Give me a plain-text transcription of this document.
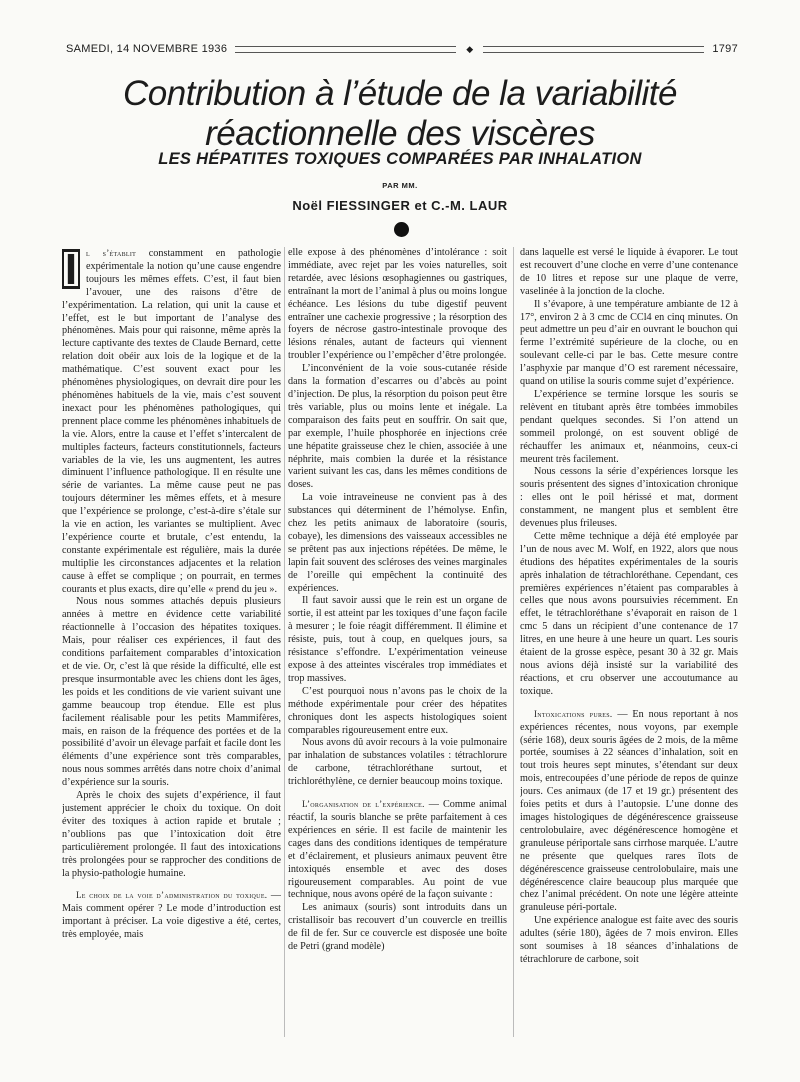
SAMEDI, 14 NOVEMBRE 1936	◆	1797
Contribution à l’étude de la variabilité réactionnelle des viscères
LES HÉPATITES TOXIQUES COMPARÉES PAR INHALATION
PAR MM.
Noël FIESSINGER et C.-M. LAUR

I l s’établit constamment en pathologie expérimentale la notion qu’une cause engendre toujours les mêmes effets. C’est, il faut bien l’avouer, une des raisons d’être de l’expérimentation. La relation, qui unit la cause et l’effet, est le but important de l’analyse des phénomènes. Mais pour qui raisonne, même après la lecture captivante des textes de Claude Bernard, cette relation doit obéir aux lois de la logique et de la mathématique. C’est souvent exact pour les phénomènes physiologiques, on devrait dire pour les phénomènes habituels de la vie, mais c’est souvent inexact pour les phénomènes pathologiques, qui prennent place comme les phénomènes inhabituels de la vie. Alors, entre la cause et l’effet s’intercalent de multiples facteurs, facteurs constitutionnels, facteurs variables de la vie, les uns augmentent, les autres diminuent l’influence pathologique. Il en résulte une série de variantes. La même cause peut ne pas toujours déterminer les mêmes effets, et à mesure que l’expérience se prolonge, c’est-à-dire s’étale sur la vie en action, les variantes se multiplient. Avec l’expérience courte et brutale, c’est entendu, la constante expérimentale est régulière, mais la durée multiplie les circonstances adjacentes et la relation cause à effet se complique ; on pourrait, en termes courants et plus exacts, dire qu’elle « prend du jeu ».

Nous nous sommes attachés depuis plusieurs années à mettre en évidence cette variabilité réactionnelle à l’occasion des hépatites toxiques. Mais, pour réaliser ces expériences, il faut des conditions parfaitement comparables d’intoxication et de vie. Or, c’est là que réside la difficulté, elle est presque insurmontable avec les chiens dont les âges, les poids et les conditions de vie varient suivant une gamme beaucoup trop étendue. Elle est plus facilement réalisable pour les petits Mammifères, mais, en raison de la fréquence des portées et de la possibilité d’avoir un élevage parfait et facile dont les éléments d’une expérience sont très comparables, nous nous sommes arrêtés dans notre choix d’animal d’expérience sur la souris.

Après le choix des sujets d’expérience, il faut justement apprécier le choix du toxique. On doit éviter des toxiques à action rapide et brutale ; n’oublions pas que l’intoxication doit être particulièrement prolongée. Il faut des intoxications très prolongées pour se rapprocher des conditions de la physio-pathologie humaine.

Le choix de la voie d’administration du toxique. — Mais comment opérer ? Le mode d’introduction est important à préciser. La voie digestive a été, certes, très employée, mais

elle expose à des phénomènes d’intolérance : soit immédiate, avec rejet par les voies naturelles, soit retardée, avec lésions œsophagiennes ou gastriques, entraînant la mort de l’animal à plus ou moins longue échéance. Les lésions du tube digestif peuvent entraîner une cachexie progressive ; la résorption des foyers de nécrose gastro-intestinale provoque des lésions rénales, autant de facteurs qui viennent troubler l’expérience ou l’empêcher d’être prolongée.

L’inconvénient de la voie sous-cutanée réside dans la formation d’escarres ou d’abcès au point d’injection. De plus, la résorption du poison peut être très variable, plus ou moins lente et inégale. La comparaison des faits peut en souffrir. On sait que, par exemple, l’huile phosphorée en injections crée une hépatite graisseuse chez le chien, associée à une néphrite, mais combien la durée et la résistance varient suivant les cas, dans les mêmes conditions de doses.

La voie intraveineuse ne convient pas à des substances qui déterminent de l’hémolyse. Enfin, chez les petits animaux de laboratoire (souris, cobaye), les dimensions des vaisseaux accessibles ne se prêtent pas aux injections répétées. De même, le lapin fait souvent des scléroses des veines marginales de l’oreille qui empêchent la continuité des expériences.

Il faut savoir aussi que le rein est un organe de sortie, il est atteint par les toxiques d’une façon facile à mesurer ; le foie réagit différemment. Il élimine et résiste, puis, tout à coup, en quelques jours, sa résistance s’effondre. L’expérimentation veineuse expose à des atteintes viscérales trop immédiates et trop massives.

C’est pourquoi nous n’avons pas le choix de la méthode expérimentale pour créer des hépatites chroniques dont les aspects histologiques soient comparables rigoureusement entre eux.

Nous avons dû avoir recours à la voie pulmonaire par inhalation de substances volatiles : tétrachlorure de carbone, tétrachloréthane surtout, et trichloréthylène, ce dernier beaucoup moins toxique.

L’organisation de l’expérience. — Comme animal réactif, la souris blanche se prête parfaitement à ces expériences en série. Il est facile de maintenir les cages dans des conditions identiques de température et d’éclairement, et plusieurs animaux peuvent être intoxiqués ensemble et avec des doses rigoureusement comparables. Au point de vue technique, nous avons opéré de la façon suivante :

Les animaux (souris) sont introduits dans un cristallisoir bas recouvert d’un couvercle en treillis de fil de fer. Sur ce couvercle est disposée une boîte de Petri (grand modèle)

dans laquelle est versé le liquide à évaporer. Le tout est recouvert d’une cloche en verre d’une contenance de 10 litres et repose sur une plaque de verre, vaselinée à la jonction de la cloche.

Il s’évapore, à une température ambiante de 12 à 17°, environ 2 à 3 cmc de CCl4 en cinq minutes. On peut admettre un peu d’air en ouvrant le bouchon qui ferme l’extrémité supérieure de la cloche, ou en soulevant celle-ci par le bas. Cette mesure contre l’asphyxie par manque d’O est rarement nécessaire, quand on utilise la souris comme sujet d’expérience.

L’expérience se termine lorsque les souris se relèvent en titubant après être tombées immobiles pendant quelques secondes. Si l’on attend un sommeil prolongé, on est souvent obligé de réchauffer les animaux et, néanmoins, ceux-ci meurent très facilement.

Nous cessons la série d’expériences lorsque les souris présentent des signes d’intoxication chronique : elles ont le poil hérissé et mat, dorment constamment, ne mangent plus et semblent être devenues plus frileuses.

Cette même technique a déjà été employée par l’un de nous avec M. Wolf, en 1922, alors que nous étudions des hépatites expérimentales de la souris après inhalation de tétrachloréthane. Cependant, ces premières expériences n’étaient pas comparables à celles que nous avons poursuivies récemment. En effet, le tétrachloréthane s’évaporait en raison de 1 cmc 5 dans un récipient d’une contenance de 17 litres, en une heure à une heure un quart. Les souris étaient de la grosse espèce, pesant 30 à 32 gr. Mais nous avions déjà insisté sur la variabilité des réactions, et cru observer une accoutumance au toxique.

Intoxications pures. — En nous reportant à nos expériences récentes, nous voyons, par exemple (série 168), deux souris âgées de 2 mois, de la même portée, soumises à 22 séances d’inhalation, soit en tout trois heures sept minutes, s’étendant sur deux mois, entrecoupées d’une période de repos de quinze jours. Ces animaux (de 17 et 19 gr.) présentent des foies petits et durs à l’autopsie. L’une donne des images histologiques de dégénérescence graisseuse centrolobulaire, avec dégénérescence homogène et granuleuse périportale sans cirrhose marquée. L’autre ne présente que quelques rares îlots de dégénérescence graisseuse centrolobulaire, mais une dégénérescence claire beaucoup plus marquée que chez l’animal précédent. On note une légère atteinte granuleuse péri-portale.

Une expérience analogue est faite avec des souris adultes (série 180), âgées de 7 mois environ. Elles sont soumises à 18 séances d’inhalations de tétrachlorure de carbone, soit
